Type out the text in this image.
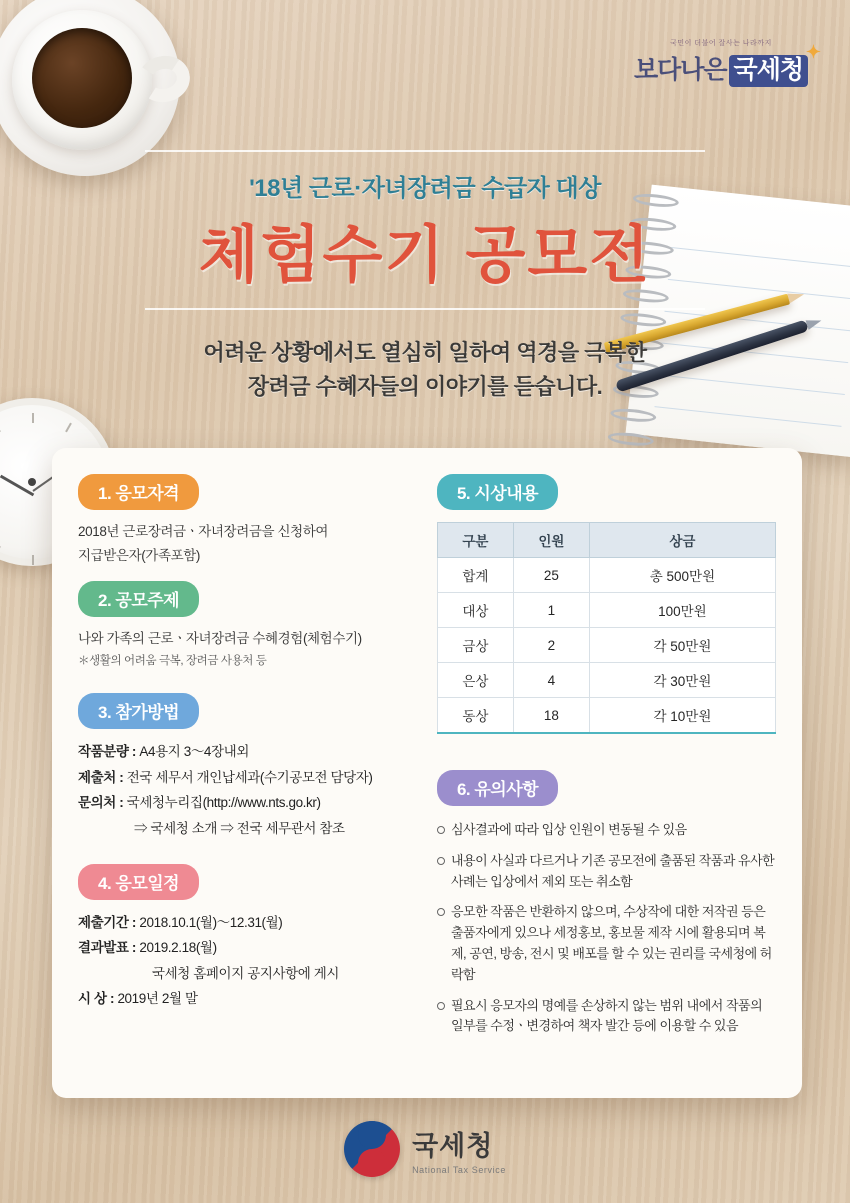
국민이 더불어 잘사는 나라까지
보다나은 국세청
✦
'18년 근로·자녀장려금 수급자 대상
체험수기 공모전
어려운 상황에서도 열심히 일하여 역경을 극복한
장려금 수혜자들의 이야기를 듣습니다.
1. 응모자격
2018년 근로장려금ㆍ자녀장려금을 신청하여
지급받은자(가족포함)
2. 공모주제
나와 가족의 근로ㆍ자녀장려금 수혜경험(체험수기)
＊생활의 어려움 극복, 장려금 사용처 등
3. 참가방법
작품분량 : A4용지 3～4장내외
제출처 : 전국 세무서 개인납세과(수기공모전 담당자)
문의처 : 국세청누리집(http://www.nts.go.kr)
⇒ 국세청 소개 ⇒ 전국 세무관서 참조
4. 응모일정
제출기간 : 2018.10.1(월)～12.31(월)
결과발표 : 2019.2.18(월)
국세청 홈페이지 공지사항에 게시
시 상 : 2019년 2월 말
5. 시상내용
구분	인원	상금
합계	25	총 500만원
대상	1	100만원
금상	2	각 50만원
은상	4	각 30만원
동상	18	각 10만원
6. 유의사항
심사결과에 따라 입상 인원이 변동될 수 있음
내용이 사실과 다르거나 기존 공모전에 출품된 작품과 유사한 사례는 입상에서 제외 또는 취소함
응모한 작품은 반환하지 않으며, 수상작에 대한 저작권 등은 출품자에게 있으나 세정홍보, 홍보물 제작 시에 활용되며 복제, 공연, 방송, 전시 및 배포를 할 수 있는 권리를 국세청에 허락함
필요시 응모자의 명예를 손상하지 않는 범위 내에서 작품의 일부를 수정ㆍ변경하여 책자 발간 등에 이용할 수 있음
국세청
National Tax Service
